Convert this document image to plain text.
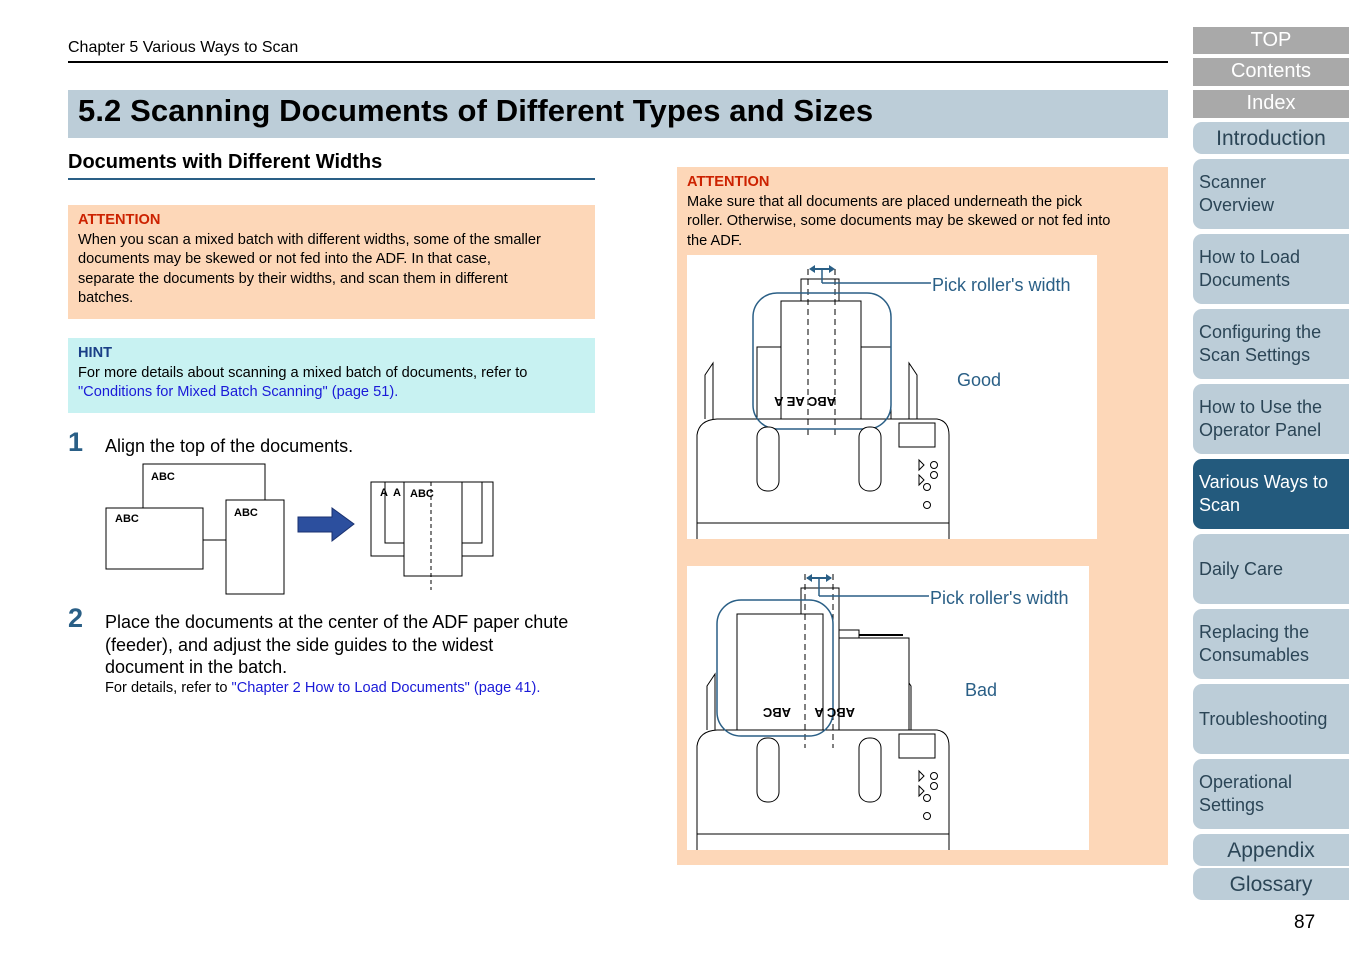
Chapter 5 Various Ways to Scan
5.2 Scanning Documents of Different Types and Sizes
Documents with Different Widths
ATTENTION
When you scan a mixed batch with different widths, some of the smaller
documents may be skewed or not fed into the ADF. In that case,
separate the documents by their widths, and scan them in different
batches.
HINT
For more details about scanning a mixed batch of documents, refer to
"Conditions for Mixed Batch Scanning" (page 51).
1 Align the top of the documents.
ABC
ABC	ABC
A A ABC
2 Place the documents at the center of the ADF paper chute
(feeder), and adjust the side guides to the widest
document in the batch.
For details, refer to "Chapter 2 How to Load Documents" (page 41).
ATTENTION
Make sure that all documents are placed underneath the pick
roller. Otherwise, some documents may be skewed or not fed into
the ADF.
ABC AE A
Pick roller's width
Good
ABC ABC A
Pick roller's width
Bad
TOP
Contents
Index
Introduction
Scanner
Overview
How to Load
Documents
Configuring the
Scan Settings
How to Use the
Operator Panel
Various Ways to
Scan
Daily Care
Replacing the
Consumables
Troubleshooting
Operational
Settings
Appendix
Glossary
87
